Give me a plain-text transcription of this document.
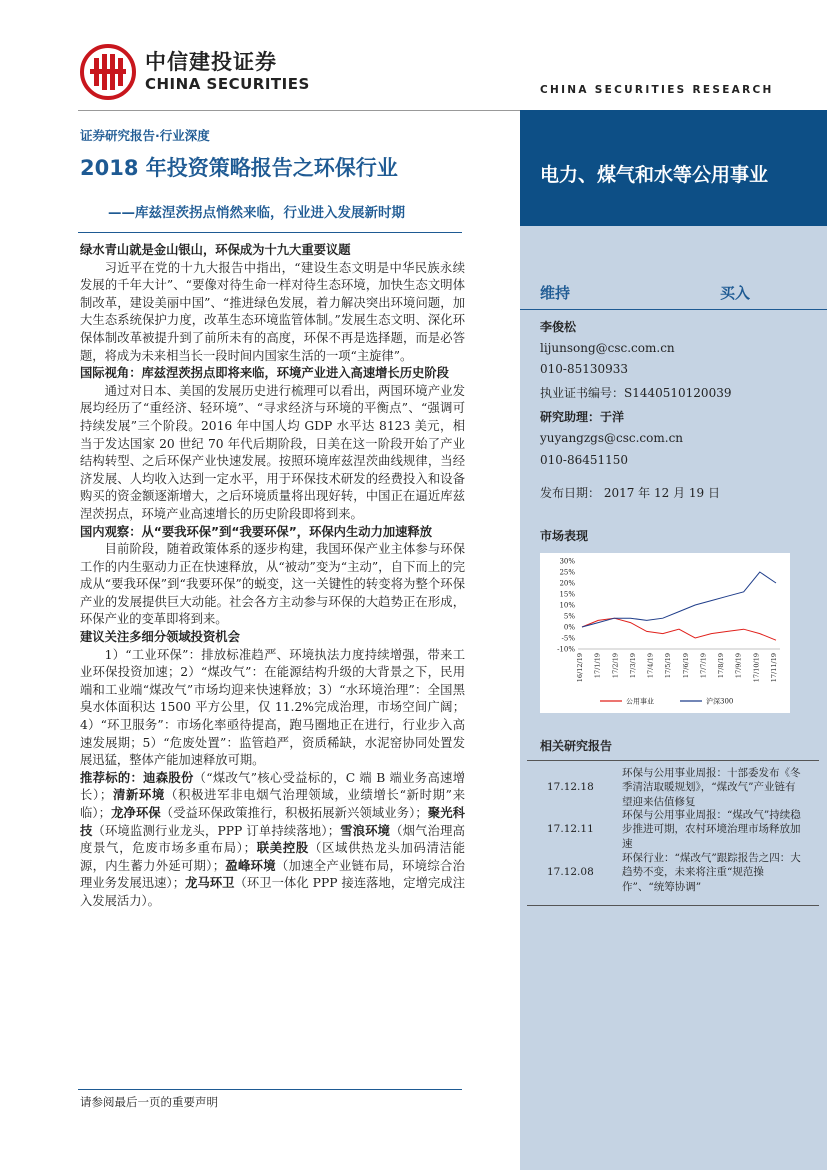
中信建投证券
CHINA SECURITIES	CHINA SECURITIES RESEARCH
电力、煤气和水等公用事业
证券研究报告·行业深度
2018 年投资策略报告之环保行业
——库兹涅茨拐点悄然来临，行业进入发展新时期
绿水青山就是金山银山，环保成为十九大重要议题

习近平在党的十九大报告中指出，“建设生态文明是中华民族永续发展的千年大计”、“要像对待生命一样对待生态环境，加快生态文明体制改革，建设美丽中国”、“推进绿色发展，着力解决突出环境问题，加大生态系统保护力度，改革生态环境监管体制。”发展生态文明、深化环保体制改革被提升到了前所未有的高度，环保不再是选择题，而是必答题，将成为未来相当长一段时间内国家生活的一项“主旋律”。

国际视角：库兹涅茨拐点即将来临，环境产业进入高速增长历史阶段

通过对日本、美国的发展历史进行梳理可以看出，两国环境产业发展均经历了“重经济、轻环境”、“寻求经济与环境的平衡点”、“强调可持续发展”三个阶段。2016 年中国人均 GDP 水平达 8123 美元，相当于发达国家 20 世纪 70 年代后期阶段，日美在这一阶段开始了产业结构转型、之后环保产业快速发展。按照环境库兹涅茨曲线规律，当经济发展、人均收入达到一定水平，用于环保技术研发的经费投入和设备购买的资金额逐渐增大，之后环境质量将出现好转，中国正在逼近库兹涅茨拐点，环境产业高速增长的历史阶段即将到来。

国内观察：从“要我环保”到“我要环保”，环保内生动力加速释放

目前阶段，随着政策体系的逐步构建，我国环保产业主体参与环保工作的内生驱动力正在快速释放，从“被动”变为“主动”，自下而上的完成从“要我环保”到“我要环保”的蜕变，这一关键性的转变将为整个环保产业的发展提供巨大动能。社会各方主动参与环保的大趋势正在形成，环保产业的变革即将到来。

建议关注多细分领域投资机会

1）“工业环保”：排放标准趋严、环境执法力度持续增强，带来工业环保投资加速；2）“煤改气”：在能源结构升级的大背景之下，民用端和工业端“煤改气”市场均迎来快速释放；3）“水环境治理”：全国黑臭水体面积达 1500 平方公里，仅 11.2%完成治理，市场空间广阔；4）“环卫服务”：市场化率亟待提高，跑马圈地正在进行，行业步入高速发展期；5）“危废处置”：监管趋严，资质稀缺，水泥窑协同处置发展迅猛，整体产能加速释放可期。

推荐标的：迪森股份（“煤改气”核心受益标的，C 端 B 端业务高速增长）；清新环境（积极进军非电烟气治理领域，业绩增长“新时期”来临）；龙净环保（受益环保政策推行，积极拓展新兴领域业务）；聚光科技（环境监测行业龙头，PPP 订单持续落地）；雪浪环境（烟气治理高度景气，危废市场多重布局）；联美控股（区域供热龙头加码清洁能源，内生蓄力外延可期）；盈峰环境（加速全产业链布局，环境综合治理业务发展迅速）；龙马环卫（环卫一体化 PPP 接连落地，定增完成注入发展活力）。

请参阅最后一页的重要声明
维持	买入
李俊松
lijunsong@csc.com.cn
010-85130933
执业证书编号：S1440510120039
研究助理：于洋
yuyangzgs@csc.com.cn
010-86451150
发布日期： 2017 年 12 月 19 日
市场表现
30%
25%
20%
15%
10%
5%
0%
-5%
-10%
16/12/19 17/1/19 17/2/19 17/3/19 17/4/19 17/5/19 17/6/19 17/7/19 17/8/19 17/9/19 17/10/19 17/11/19
公用事业	沪深300
相关研究报告
17.12.18
环保与公用事业周报：十部委发布《冬季清洁取暖规划》，“煤改气”产业链有望迎来估值修复
17.12.11
环保与公用事业周报：“煤改气”持续稳步推进可期，农村环境治理市场释放加速
17.12.08
环保行业：“煤改气”跟踪报告之四：大趋势不变，未来将注重“规范操作”、“统筹协调”
